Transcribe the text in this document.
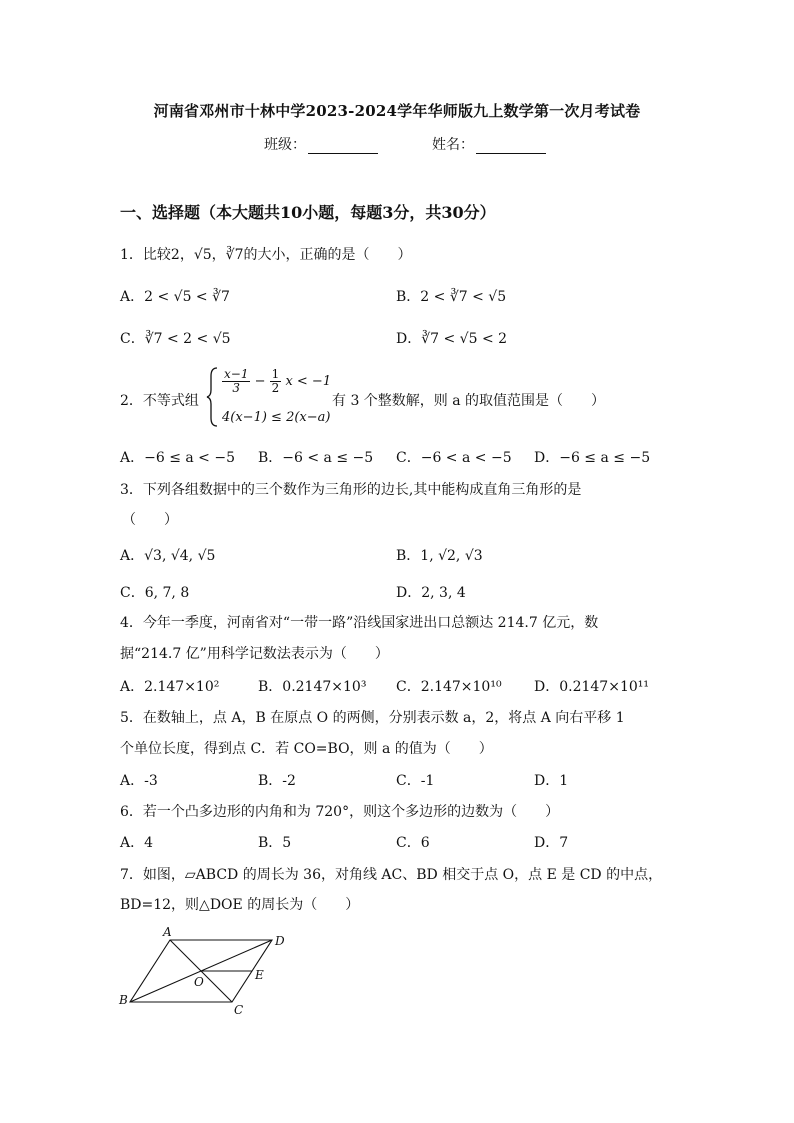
河南省邓州市十林中学2023-2024学年华师版九上数学第一次月考试卷
班级：	姓名：
一、选择题（本大题共10小题，每题3分，共30分）
1．比较2，√5，∛7的大小，正确的是（　　）
A．2 < √5 < ∛7	B．2 < ∛7 < √5
C．∛7 < 2 < √5	D．∛7 < √5 < 2
2．不等式组
$\frac{x-1}{3} - \frac{1}{2}$ x < −1
4(x−1) ≤ 2(x−a)
有 3 个整数解，则 a 的取值范围是（　　）
A．−6 ≤ a < −5 B．−6 < a ≤ −5 C．−6 < a < −5 D．−6 ≤ a ≤ −5
3．下列各组数据中的三个数作为三角形的边长,其中能构成直角三角形的是
（　　）
A．√3, √4, √5	B．1, √2, √3
C．6, 7, 8	D．2, 3, 4
4．今年一季度，河南省对“一带一路”沿线国家进出口总额达 214.7 亿元，数
据“214.7 亿”用科学记数法表示为（　　）
A．2.147×10²	B．0.2147×10³ C．2.147×10¹⁰ D．0.2147×10¹¹
5．在数轴上，点 A，B 在原点 O 的两侧，分别表示数 a，2，将点 A 向右平移 1
个单位长度，得到点 C．若 CO=BO，则 a 的值为（　　）
A．-3	B．-2	C．-1	D．1
6．若一个凸多边形的内角和为 720°，则这个多边形的边数为（　　）
A．4	B．5	C．6	D．7
7．如图，▱ABCD 的周长为 36，对角线 AC、BD 相交于点 O，点 E 是 CD 的中点，
BD=12，则△DOE 的周长为（　　）
A
D
E
O
B
C
